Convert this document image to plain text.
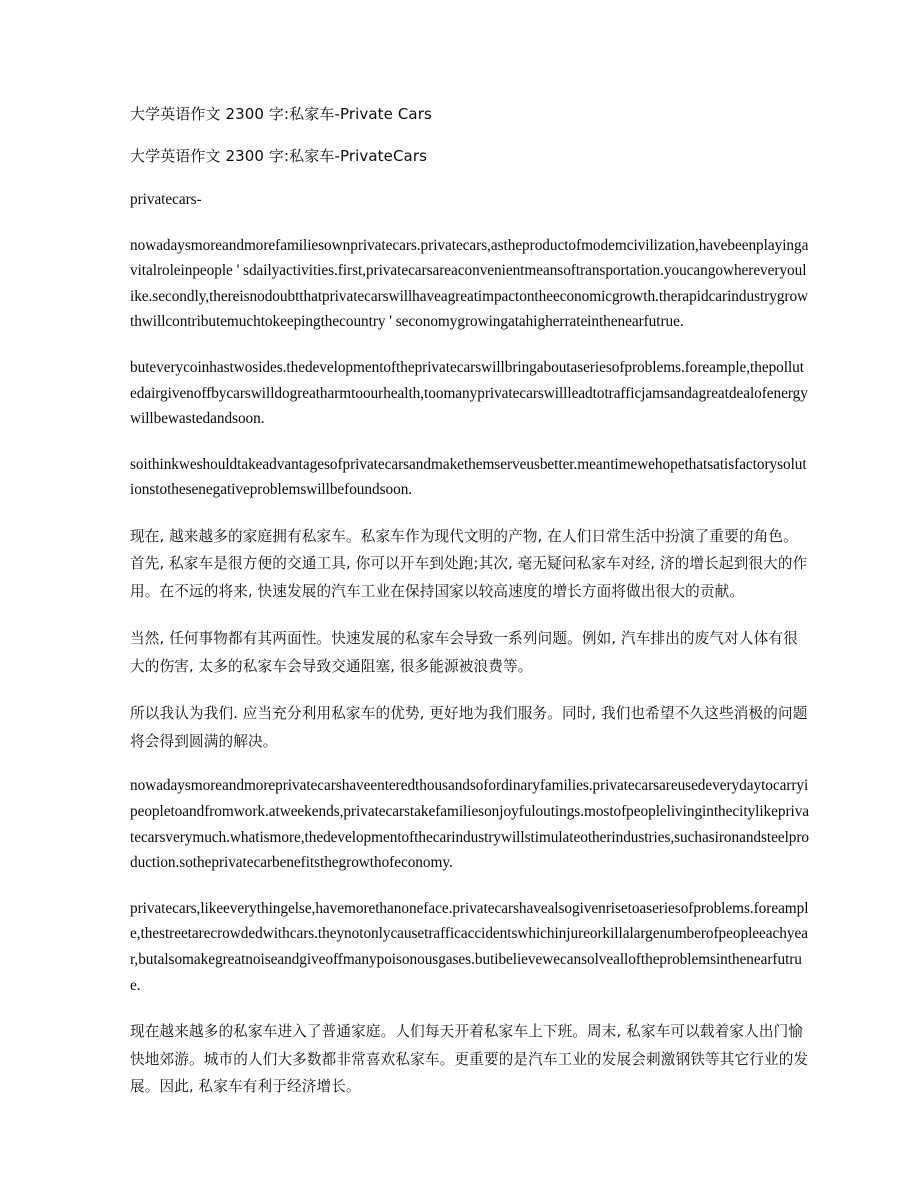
大学英语作文 2300 字:私家车-Private Cars
大学英语作文 2300 字:私家车-PrivateCars

privatecars-

nowadaysmoreandmorefamiliesownprivatecars.privatecars,astheproductofmodemcivilization,havebeenplayingavitalroleinpeople ' sdailyactivities.first,privatecarsareaconvenientmeansoftransportation.youcangowhereveryoulike.secondly,thereisnodoubtthatprivatecarswillhaveagreatimpactontheeconomicgrowth.therapidcarindustrygrowthwillcontributemuchtokeepingthecountry ' seconomygrowingatahigherrateinthenearfutrue.

buteverycoinhastwosides.thedevelopmentoftheprivatecarswillbringaboutaseriesofproblems.foreample,thepollutedairgivenoffbycarswilldogreatharmtoourhealth,toomanyprivatecarswillleadtotrafficjamsandagreatdealofenergywillbewastedandsoon.

soithinkweshouldtakeadvantagesofprivatecarsandmakethemserveusbetter.meantimewehopethatsatisfactorysolutionstothesenegativeproblemswillbefoundsoon.

现在, 越来越多的家庭拥有私家车。私家车作为现代文明的产物, 在人们日常生活中扮演了重要的角色。首先, 私家车是很方便的交通工具, 你可以开车到处跑;其次, 毫无疑问私家车对经, 济的增长起到很大的作用。在不远的将来, 快速发展的汽车工业在保持国家以较高速度的增长方面将做出很大的贡献。

当然, 任何事物都有其两面性。快速发展的私家车会导致一系列问题。例如, 汽车排出的废气对人体有很大的伤害, 太多的私家车会导致交通阻塞, 很多能源被浪费等。

所以我认为我们. 应当充分利用私家车的优势, 更好地为我们服务。同时, 我们也希望不久这些消极的问题将会得到圆满的解决。

nowadaysmoreandmoreprivatecarshaveenteredthousandsofordinaryfamilies.privatecarsareusedeverydaytocarryipeopletoandfromwork.atweekends,privatecarstakefamiliesonjoyfuloutings.mostofpeoplelivinginthecitylikeprivatecarsverymuch.whatismore,thedevelopmentofthecarindustrywillstimulateotherindustries,suchasironandsteelproduction.sotheprivatecarbenefitsthegrowthofeconomy.

privatecars,likeeverythingelse,havemorethanoneface.privatecarshavealsogivenrisetoaseriesofproblems.foreample,thestreetarecrowdedwithcars.theynotonlycausetrafficaccidentswhichinjureorkillalargenumberofpeopleeachyear,butalsomakegreatnoiseandgiveoffmanypoisonousgases.butibelievewecansolvealloftheproblemsinthenearfutrue.

现在越来越多的私家车进入了普通家庭。人们每天开着私家车上下班。周末, 私家车可以载着家人出门愉快地郊游。城市的人们大多数都非常喜欢私家车。更重要的是汽车工业的发展会刺激钢铁等其它行业的发展。因此, 私家车有利于经济增长。
